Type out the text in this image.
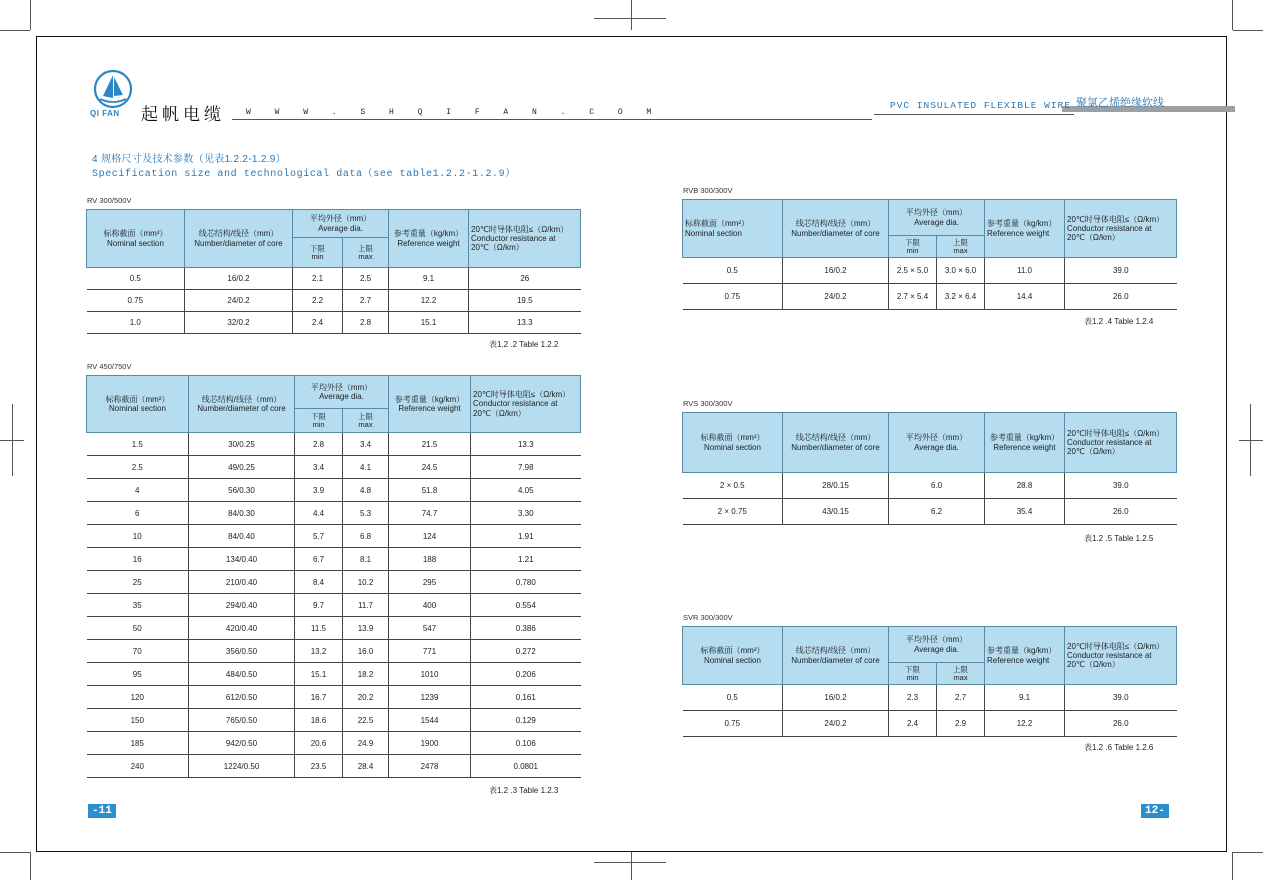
QI FAN 起帆电缆	W W W . S H Q I F A N . C O M
PVC INSULATED FLEXIBLE WIRE 聚氯乙烯绝缘软线
4 规格尺寸及技术参数（见表1.2.2-1.2.9）
Specification size and technological data（see table1.2.2-1.2.9）
RV 300/500V
标称截面（mm²）
Nominal section	线芯结构/线径（mm）
Number/diameter of core	平均外径（mm）
Average dia.		参考重量（kg/km）
Reference weight	20℃时导体电阻≤（Ω/km）
Conductor resistance at
20℃（Ω/km）
		下限
min	上限
max		
0.5	16/0.2	2.1	2.5	9.1	26
0.75	24/0.2	2.2	2.7	12.2	19.5
1.0	32/0.2	2.4	2.8	15.1	13.3
表1.2 .2 Table 1.2.2
RV 450/750V
标称截面（mm²）
Nominal section	线芯结构/线径（mm）
Number/diameter of core	平均外径（mm）
Average dia.		参考重量（kg/km）
Reference weight	20℃时导体电阻≤（Ω/km）
Conductor resistance at
20℃（Ω/km）
		下限
min	上限
max		
1.5	30/0.25	2.8	3.4	21.5	13.3
2.5	49/0.25	3.4	4.1	24.5	7.98
4	56/0.30	3.9	4.8	51.8	4.05
6	84/0.30	4.4	5.3	74.7	3.30
10	84/0.40	5.7	6.8	124	1.91
16	134/0.40	6.7	8.1	188	1.21
25	210/0.40	8.4	10.2	295	0.780
35	294/0.40	9.7	11.7	400	0.554
50	420/0.40	11.5	13.9	547	0.386
70	356/0.50	13.2	16.0	771	0.272
95	484/0.50	15.1	18.2	1010	0.206
120	612/0.50	16.7	20.2	1239	0.161
150	765/0.50	18.6	22.5	1544	0.129
185	942/0.50	20.6	24.9	1900	0.106
240	1224/0.50	23.5	28.4	2478	0.0801
表1.2 .3 Table 1.2.3
RVB 300/300V
标称截面（mm²）
Nominal section	线芯结构/线径（mm）
Number/diameter of core	平均外径（mm）
Average dia.		参考重量（kg/km）
Reference weight	20℃时导体电阻≤（Ω/km）
Conductor resistance at
20℃（Ω/km）
		下限
min	上限
max		
0.5	16/0.2	2.5 × 5.0	3.0 × 6.0	11.0	39.0
0.75	24/0.2	2.7 × 5.4	3.2 × 6.4	14.4	26.0
表1.2 .4 Table 1.2.4
RVS 300/300V
标称截面（mm²）
Nominal section	线芯结构/线径（mm）
Number/diameter of core	平均外径（mm）
Average dia.	参考重量（kg/km）
Reference weight	20℃时导体电阻≤（Ω/km）
Conductor resistance at
20℃（Ω/km）
2 × 0.5	28/0.15	6.0	28.8	39.0
2 × 0.75	43/0.15	6.2	35.4	26.0
表1.2 .5 Table 1.2.5
SVR 300/300V
标称截面（mm²）
Nominal section	线芯结构/线径（mm）
Number/diameter of core	平均外径（mm）
Average dia.		参考重量（kg/km）
Reference weight	20℃时导体电阻≤（Ω/km）
Conductor resistance at
20℃（Ω/km）
		下限
min	上限
max		
0.5	16/0.2	2.3	2.7	9.1	39.0
0.75	24/0.2	2.4	2.9	12.2	26.0
表1.2 .6 Table 1.2.6
-11	12-
